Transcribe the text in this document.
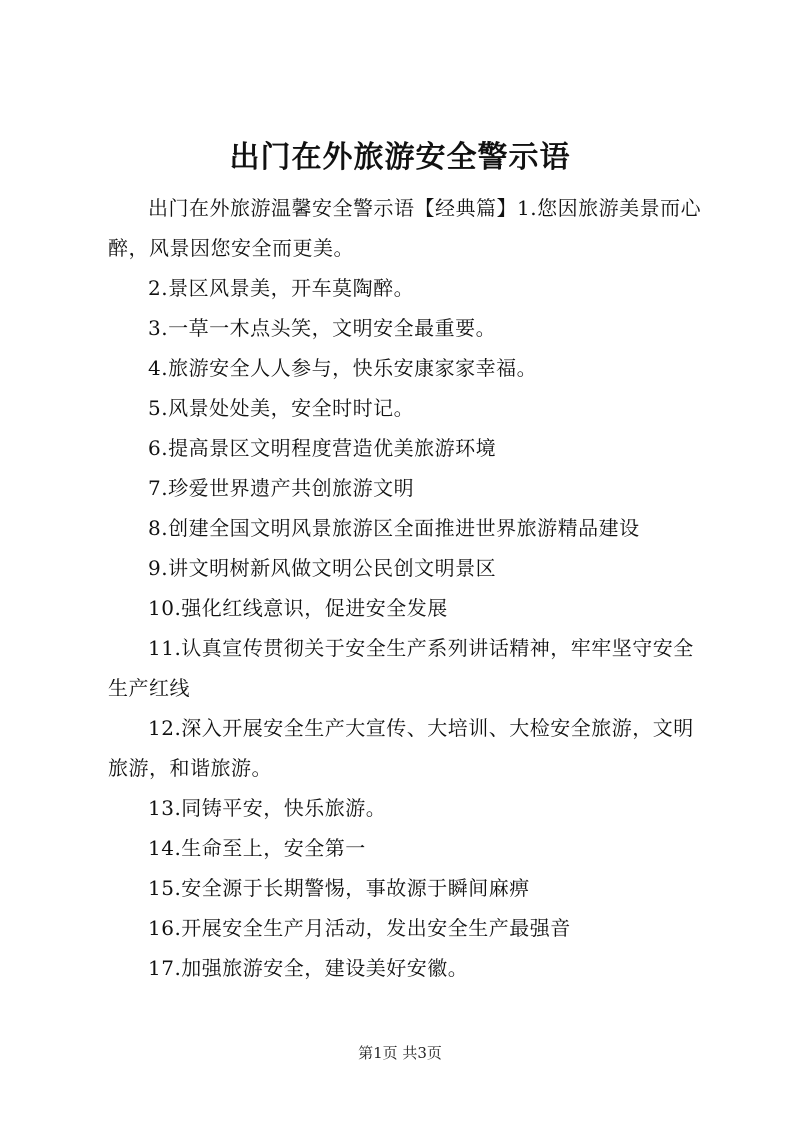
出门在外旅游安全警示语

出门在外旅游温馨安全警示语【经典篇】1.您因旅游美景而心醉，风景因您安全而更美。

2.景区风景美，开车莫陶醉。

3.一草一木点头笑，文明安全最重要。

4.旅游安全人人参与，快乐安康家家幸福。

5.风景处处美，安全时时记。

6.提高景区文明程度营造优美旅游环境

7.珍爱世界遗产共创旅游文明

8.创建全国文明风景旅游区全面推进世界旅游精品建设

9.讲文明树新风做文明公民创文明景区

10.强化红线意识，促进安全发展

11.认真宣传贯彻关于安全生产系列讲话精神，牢牢坚守安全生产红线

12.深入开展安全生产大宣传、大培训、大检安全旅游，文明旅游，和谐旅游。

13.同铸平安，快乐旅游。

14.生命至上，安全第一

15.安全源于长期警惕，事故源于瞬间麻痹

16.开展安全生产月活动，发出安全生产最强音

17.加强旅游安全，建设美好安徽。

第1页 共3页
